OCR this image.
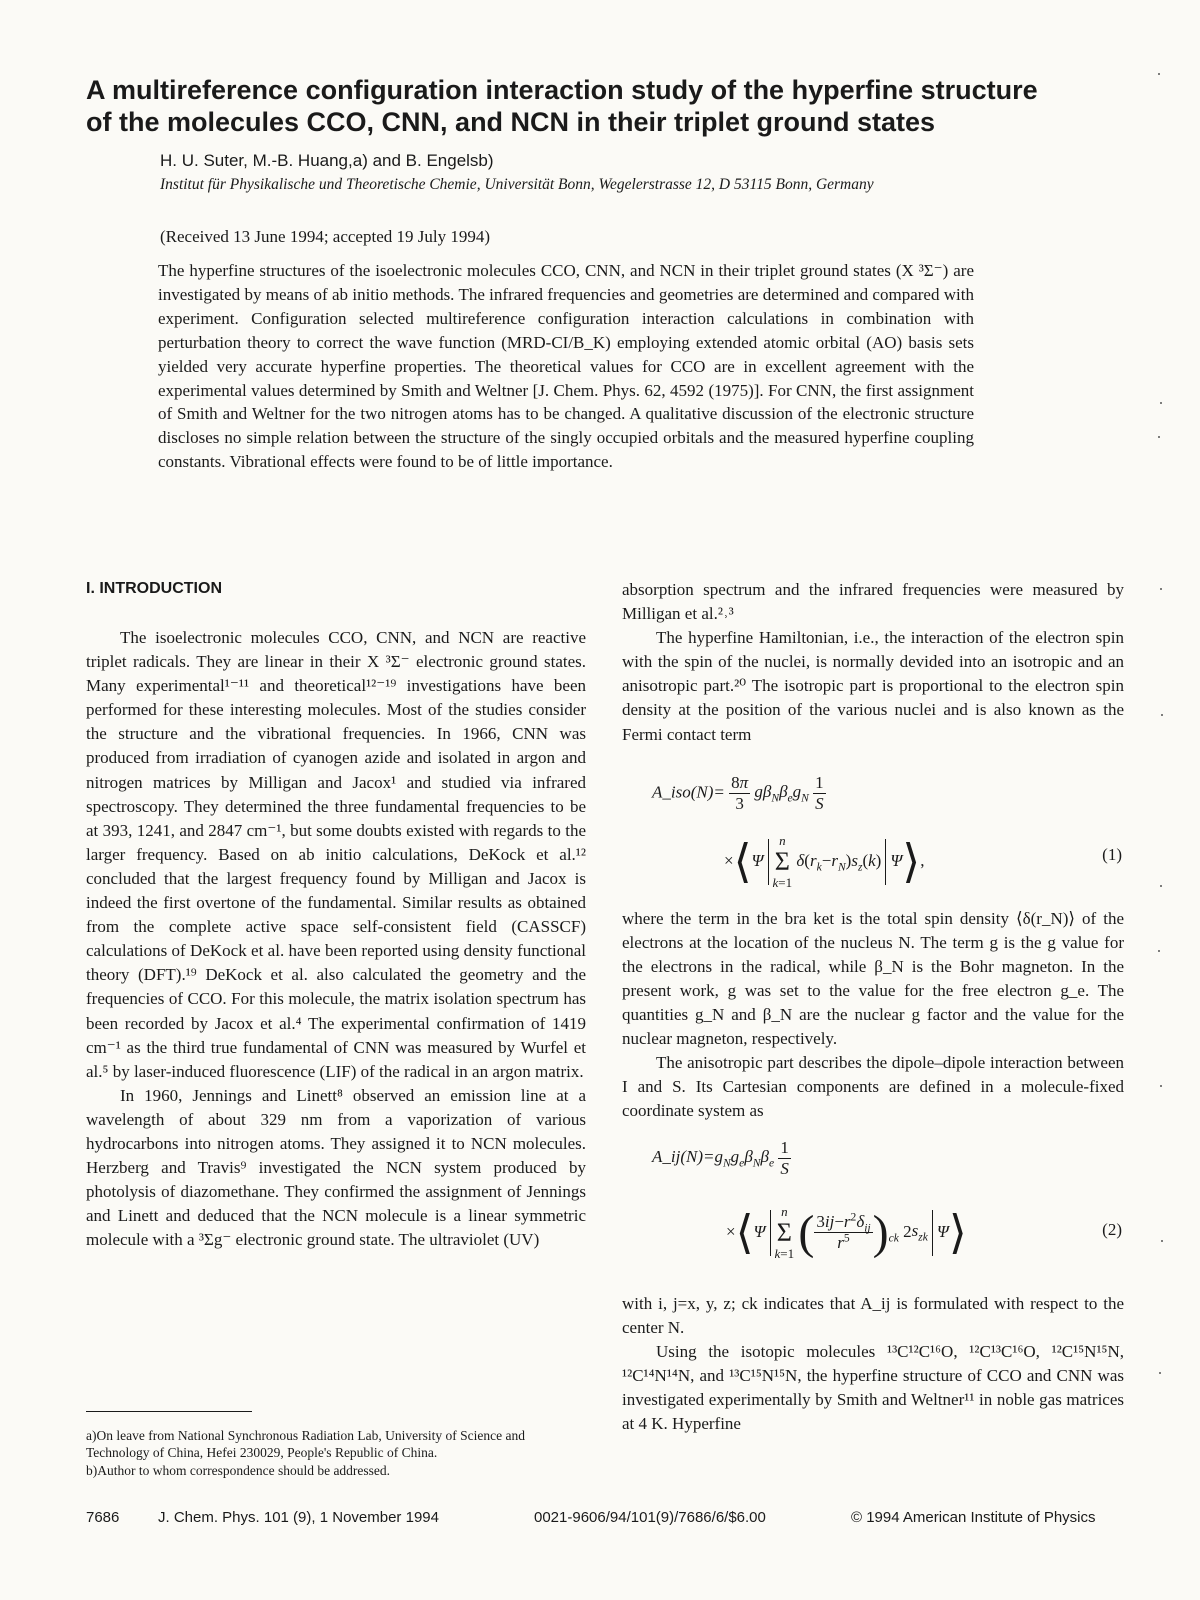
A multireference configuration interaction study of the hyperfine structure
of the molecules CCO, CNN, and NCN in their triplet ground states
H. U. Suter, M.-B. Huang,a) and B. Engelsb)
Institut für Physikalische und Theoretische Chemie, Universität Bonn, Wegelerstrasse 12, D 53115 Bonn, Germany
(Received 13 June 1994; accepted 19 July 1994)

The hyperfine structures of the isoelectronic molecules CCO, CNN, and NCN in their triplet ground states (X ³Σ⁻) are investigated by means of ab initio methods. The infrared frequencies and geometries are determined and compared with experiment. Configuration selected multireference configuration interaction calculations in combination with perturbation theory to correct the wave function (MRD-CI/B_K) employing extended atomic orbital (AO) basis sets yielded very accurate hyperfine properties. The theoretical values for CCO are in excellent agreement with the experimental values determined by Smith and Weltner [J. Chem. Phys. 62, 4592 (1975)]. For CNN, the first assignment of Smith and Weltner for the two nitrogen atoms has to be changed. A qualitative discussion of the electronic structure discloses no simple relation between the structure of the singly occupied orbitals and the measured hyperfine coupling constants. Vibrational effects were found to be of little importance.

I. INTRODUCTION

The isoelectronic molecules CCO, CNN, and NCN are reactive triplet radicals. They are linear in their X ³Σ⁻ electronic ground states. Many experimental¹⁻¹¹ and theoretical¹²⁻¹⁹ investigations have been performed for these interesting molecules. Most of the studies consider the structure and the vibrational frequencies. In 1966, CNN was produced from irradiation of cyanogen azide and isolated in argon and nitrogen matrices by Milligan and Jacox¹ and studied via infrared spectroscopy. They determined the three fundamental frequencies to be at 393, 1241, and 2847 cm⁻¹, but some doubts existed with regards to the larger frequency. Based on ab initio calculations, DeKock et al.¹² concluded that the largest frequency found by Milligan and Jacox is indeed the first overtone of the fundamental. Similar results as obtained from the complete active space self-consistent field (CASSCF) calculations of DeKock et al. have been reported using density functional theory (DFT).¹⁹ DeKock et al. also calculated the geometry and the frequencies of CCO. For this molecule, the matrix isolation spectrum has been recorded by Jacox et al.⁴ The experimental confirmation of 1419 cm⁻¹ as the third true fundamental of CNN was measured by Wurfel et al.⁵ by laser-induced fluorescence (LIF) of the radical in an argon matrix.

In 1960, Jennings and Linett⁸ observed an emission line at a wavelength of about 329 nm from a vaporization of various hydrocarbons into nitrogen atoms. They assigned it to NCN molecules. Herzberg and Travis⁹ investigated the NCN system produced by photolysis of diazomethane. They confirmed the assignment of Jennings and Linett and deduced that the NCN molecule is a linear symmetric molecule with a ³Σg⁻ electronic ground state. The ultraviolet (UV)

a)On leave from National Synchronous Radiation Lab, University of Science and Technology of China, Hefei 230029, People's Republic of China.

b)Author to whom correspondence should be addressed.

absorption spectrum and the infrared frequencies were measured by Milligan et al.²˒³

The hyperfine Hamiltonian, i.e., the interaction of the electron spin with the spin of the nuclei, is normally devided into an isotropic and an anisotropic part.²⁰ The isotropic part is proportional to the electron spin density at the position of the various nuclei and is also known as the Fermi contact term

A_iso(N)= $\frac{8\pi}{3} g\beta_N\beta_eg_N \frac{1}{S}$
×⟨Ψn
Σ
k=1 $\delta(r_k-r_N)s_z(k)$ Ψ⟩,	(1)

where the term in the bra ket is the total spin density ⟨δ(r_N)⟩ of the electrons at the location of the nucleus N. The term g is the g value for the electrons in the radical, while β_N is the Bohr magneton. In the present work, g was set to the value for the free electron g_e. The quantities g_N and β_N are the nuclear g factor and the value for the nuclear magneton, respectively.

The anisotropic part describes the dipole–dipole interaction between I and S. Its Cartesian components are defined in a molecule-fixed coordinate system as

$A\_ij(N)=g_Ng_e\beta_N\beta_e \frac{1}{S}$
×⟨Ψn
Σ
k=1 ( $\frac{3ij-r^2\delta_{ij}}{r^5} )_{ck}$ $2s_{zk}$ Ψ⟩	(2)

with i, j=x, y, z; ck indicates that A_ij is formulated with respect to the center N.

Using the isotopic molecules ¹³C¹²C¹⁶O, ¹²C¹³C¹⁶O, ¹²C¹⁵N¹⁵N, ¹²C¹⁴N¹⁴N, and ¹³C¹⁵N¹⁵N, the hyperfine structure of CCO and CNN was investigated experimentally by Smith and Weltner¹¹ in noble gas matrices at 4 K. Hyperfine

7686	J. Chem. Phys. 101 (9), 1 November 1994	0021-9606/94/101(9)/7686/6/$6.00	© 1994 American Institute of Physics
